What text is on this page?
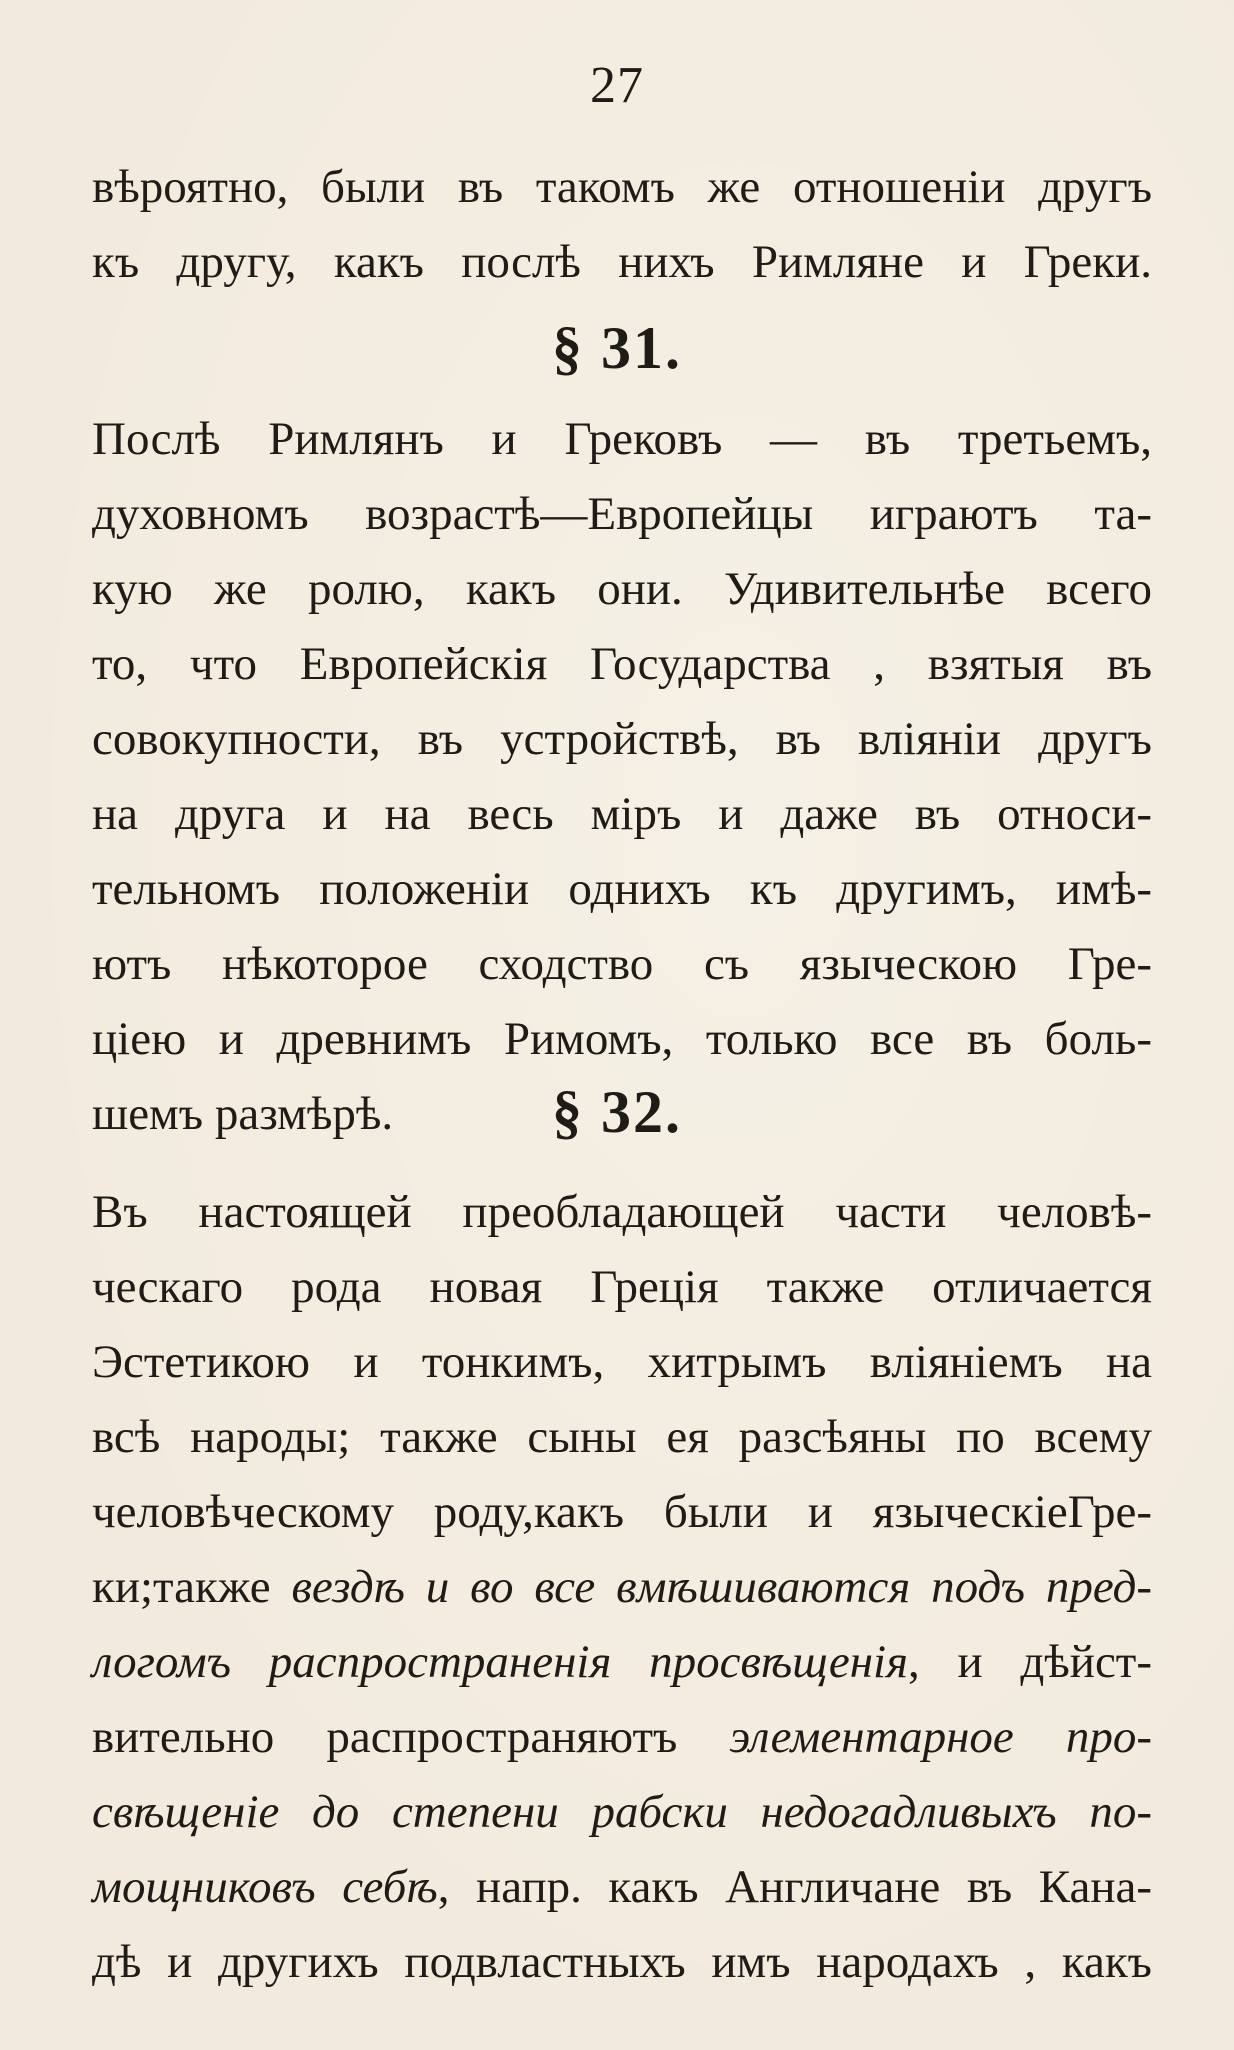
27
вѣроятно, были въ такомъ же отношеніи другъ
къ другу, какъ послѣ нихъ Римляне и Греки.
§ 31.
Послѣ Римлянъ и Грековъ — въ третьемъ,
духовномъ возрастѣ—Европейцы играютъ та-
кую же ролю, какъ они. Удивительнѣе всего
то, что Европейскія Государства , взятыя въ
совокупности, въ устройствѣ, въ вліяніи другъ
на друга и на весь міръ и даже въ относи-
тельномъ положеніи однихъ къ другимъ, имѣ-
ютъ нѣкоторое сходство съ языческою Гре-
ціею и древнимъ Римомъ, только все въ боль-
шемъ размѣрѣ.	§ 32.
Въ настоящей преобладающей части человѣ-
ческаго рода новая Греція также отличается
Эстетикою и тонкимъ, хитрымъ вліяніемъ на
всѣ народы; также сыны ея разсѣяны по всему
человѣческому роду,какъ были и языческіеГре-
ки;также вездѣ и во все вмѣшиваются подъ пред-
логомъ распространенія просвѣщенія, и дѣйст-
вительно распространяютъ элементарное про-
свѣщеніе до степени рабски недогадливыхъ по-
мощниковъ себѣ, напр. какъ Англичане въ Кана-
дѣ и другихъ подвластныхъ имъ народахъ , какъ
